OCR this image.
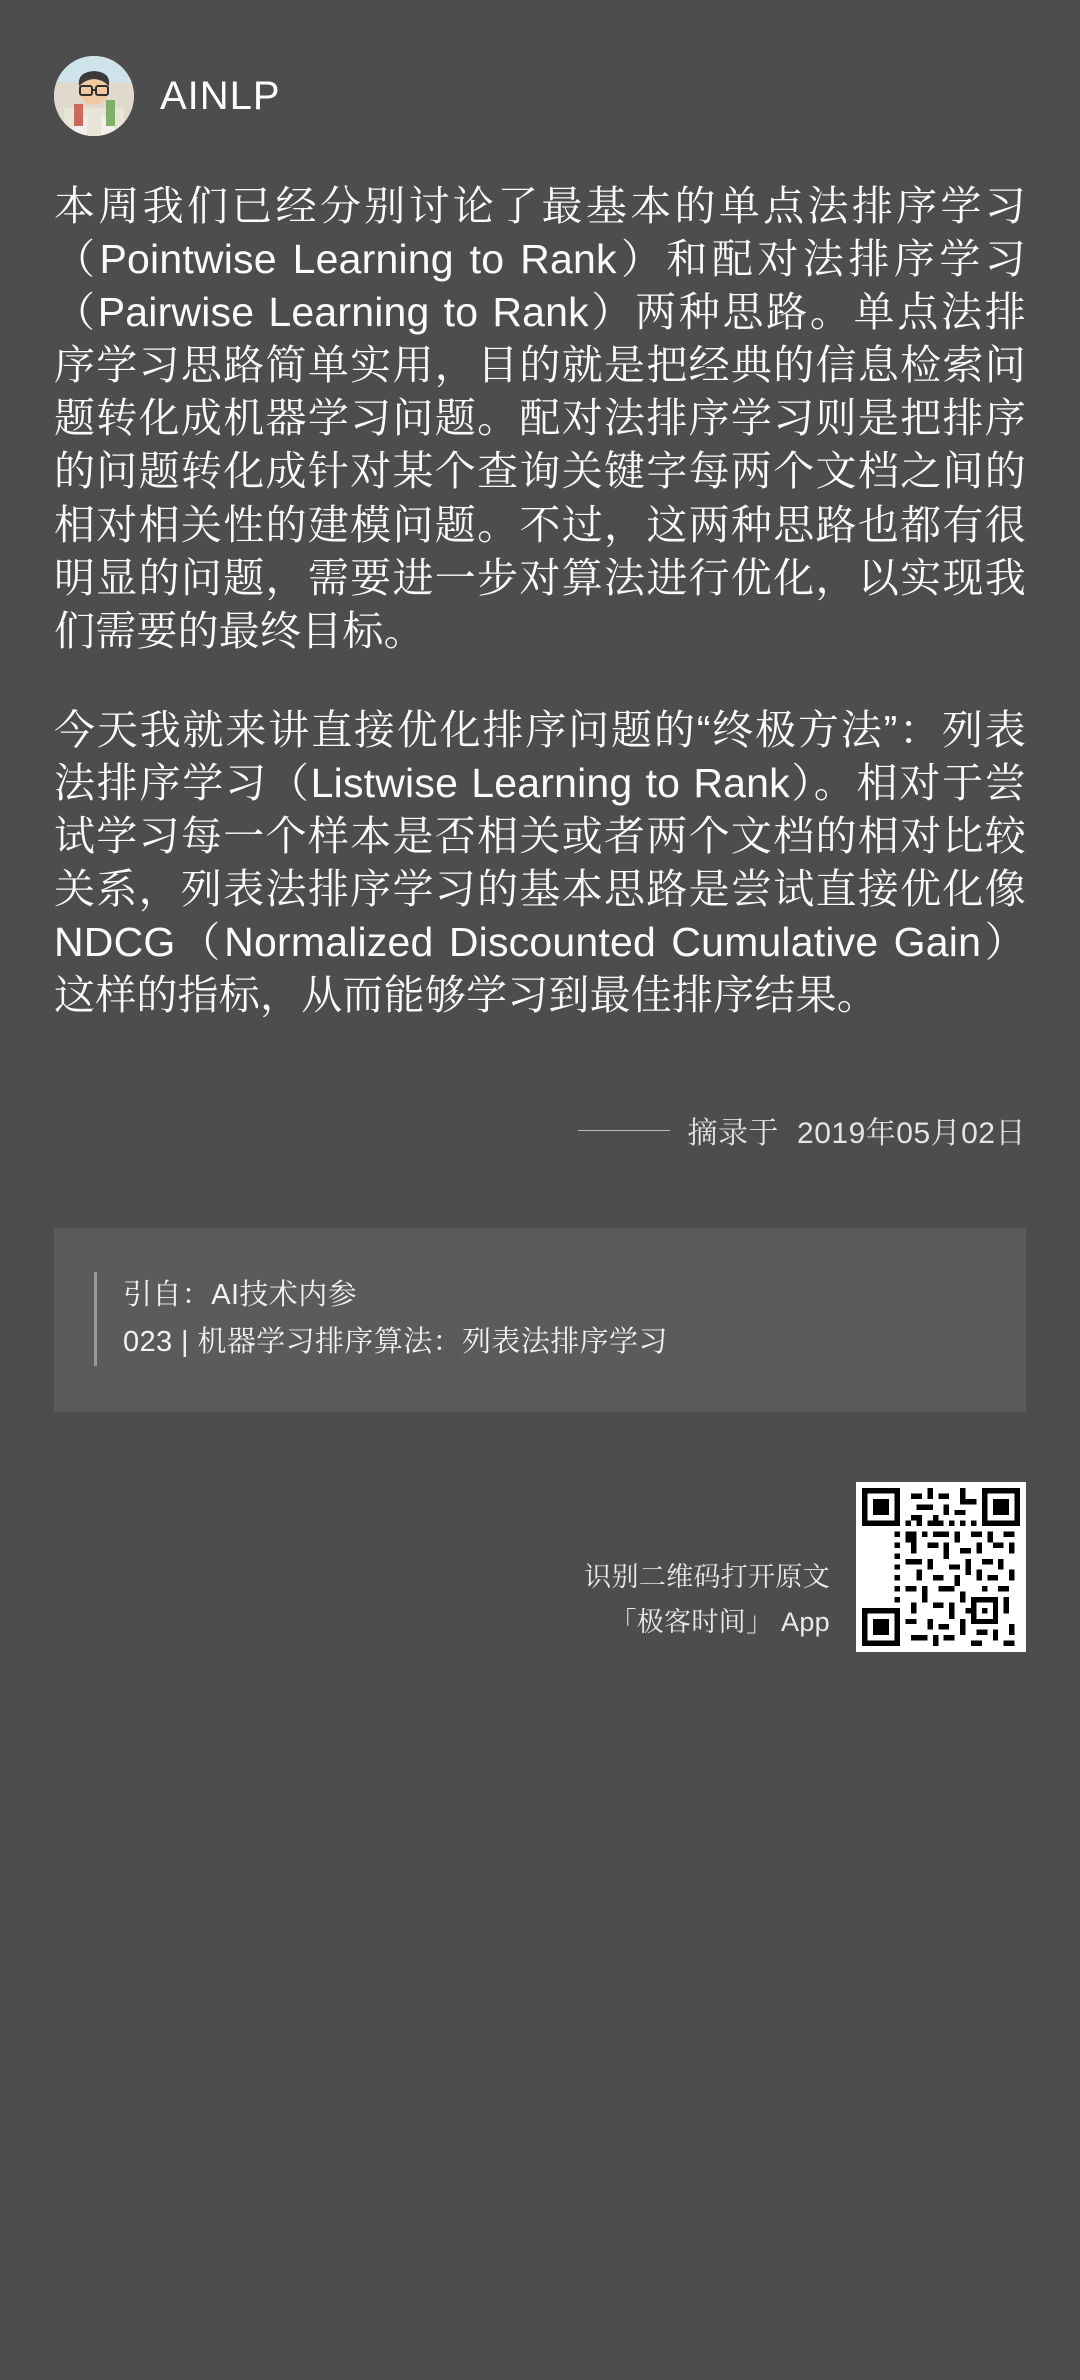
AINLP

本周我们已经分别讨论了最基本的单点法排序学习（Pointwise Learning to Rank）和配对法排序学习（Pairwise Learning to Rank）两种思路。单点法排序学习思路简单实用，目的就是把经典的信息检索问题转化成机器学习问题。配对法排序学习则是把排序的问题转化成针对某个查询关键字每两个文档之间的相对相关性的建模问题。不过，这两种思路也都有很明显的问题，需要进一步对算法进行优化，以实现我们需要的最终目标。

今天我就来讲直接优化排序问题的“终极方法”：列表法排序学习（Listwise Learning to Rank）。相对于尝试学习每一个样本是否相关或者两个文档的相对比较关系，列表法排序学习的基本思路是尝试直接优化像 NDCG（Normalized Discounted Cumulative Gain）这样的指标，从而能够学习到最佳排序结果。

摘录于 2019年05月02日
引自：AI技术内参
023 | 机器学习排序算法：列表法排序学习
识别二维码打开原文
「极客时间」 App
